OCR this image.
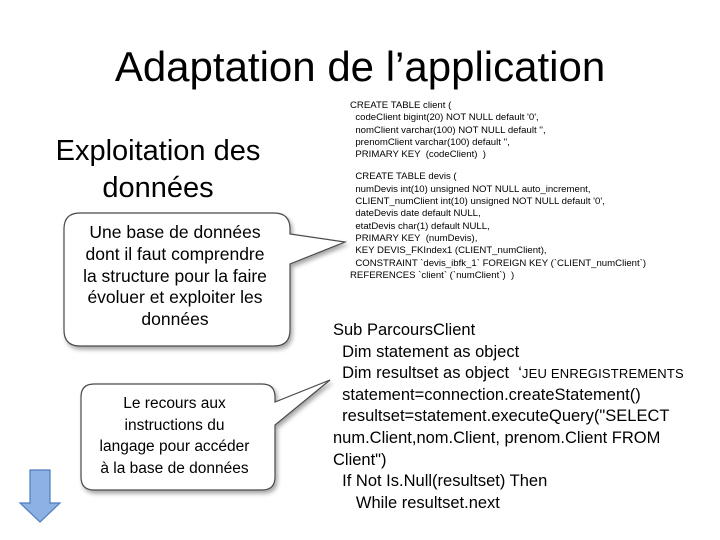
Adaptation de l’application
Exploitation des
données
Une base de données
dont il faut comprendre
la structure pour la faire
évoluer et exploiter les
données
Le recours aux
instructions du
langage pour accéder
à la base de données
CREATE TABLE client (
codeClient bigint(20) NOT NULL default '0',
nomClient varchar(100) NOT NULL default '',
prenomClient varchar(100) default '',
PRIMARY KEY  (codeClient)  )
CREATE TABLE devis (
numDevis int(10) unsigned NOT NULL auto_increment,
CLIENT_numClient int(10) unsigned NOT NULL default '0',
dateDevis date default NULL,
etatDevis char(1) default NULL,
PRIMARY KEY  (numDevis),
KEY DEVIS_FKIndex1 (CLIENT_numClient),
CONSTRAINT `devis_ibfk_1` FOREIGN KEY (`CLIENT_numClient`)
REFERENCES `client` (`numClient`)  )
Sub ParcoursClient
Dim statement as object
Dim resultset as object  ‘JEU ENREGISTREMENTS
statement=connection.createStatement()
resultset=statement.executeQuery("SELECT
num.Client,nom.Client, prenom.Client FROM
Client")
If Not Is.Null(resultset) Then
While resultset.next
